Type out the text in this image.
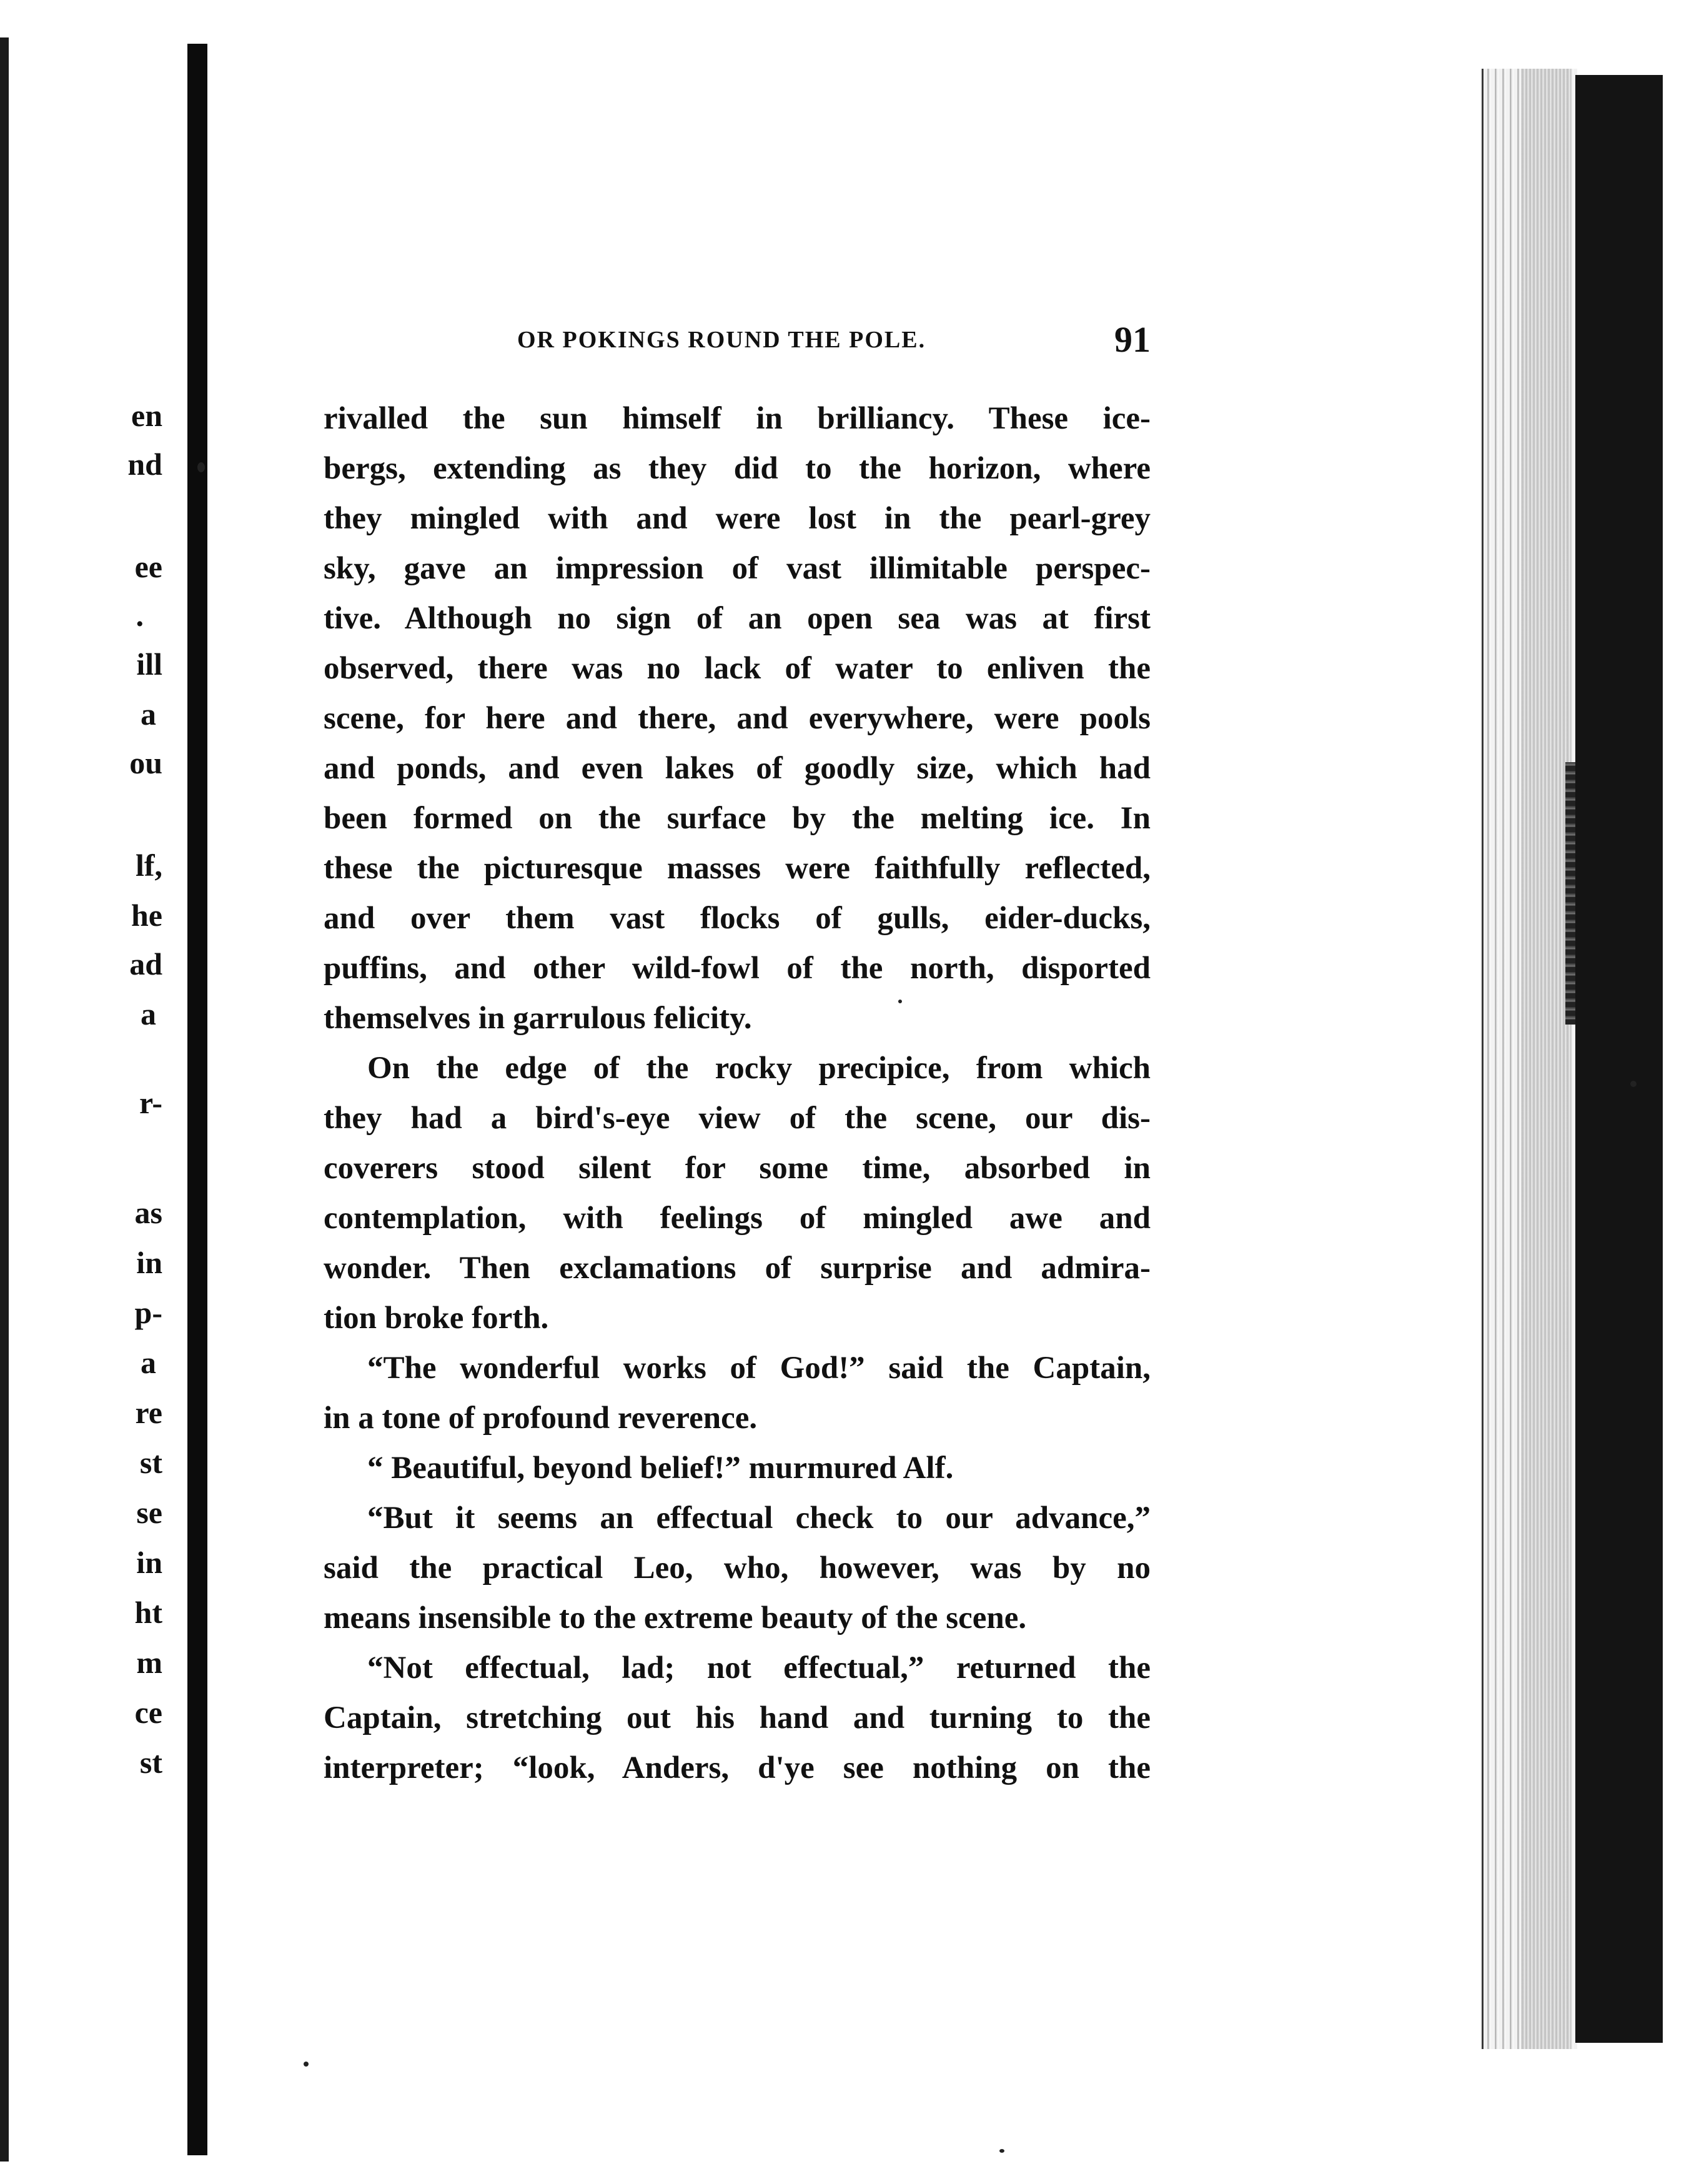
en
nd
ee
.
ill
a
ou
lf,
he
ad
a
r-
as
in
p-
a
re
st
se
in
ht
m
ce
st
OR POKINGS ROUND THE POLE.	91
rivalled the sun himself in brilliancy. These ice-
bergs, extending as they did to the horizon, where
they mingled with and were lost in the pearl-grey
sky, gave an impression of vast illimitable perspec-
tive. Although no sign of an open sea was at first
observed, there was no lack of water to enliven the
scene, for here and there, and everywhere, were pools
and ponds, and even lakes of goodly size, which had
been formed on the surface by the melting ice. In
these the picturesque masses were faithfully reflected,
and over them vast flocks of gulls, eider-ducks,
puffins, and other wild-fowl of the north, disported
themselves in garrulous felicity.
On the edge of the rocky precipice, from which
they had a bird's-eye view of the scene, our dis-
coverers stood silent for some time, absorbed in
contemplation, with feelings of mingled awe and
wonder. Then exclamations of surprise and admira-
tion broke forth.
“The wonderful works of God!” said the Captain,
in a tone of profound reverence.
“ Beautiful, beyond belief!” murmured Alf.
“But it seems an effectual check to our advance,”
said the practical Leo, who, however, was by no
means insensible to the extreme beauty of the scene.
“Not effectual, lad; not effectual,” returned the
Captain, stretching out his hand and turning to the
interpreter; “look, Anders, d'ye see nothing on the
